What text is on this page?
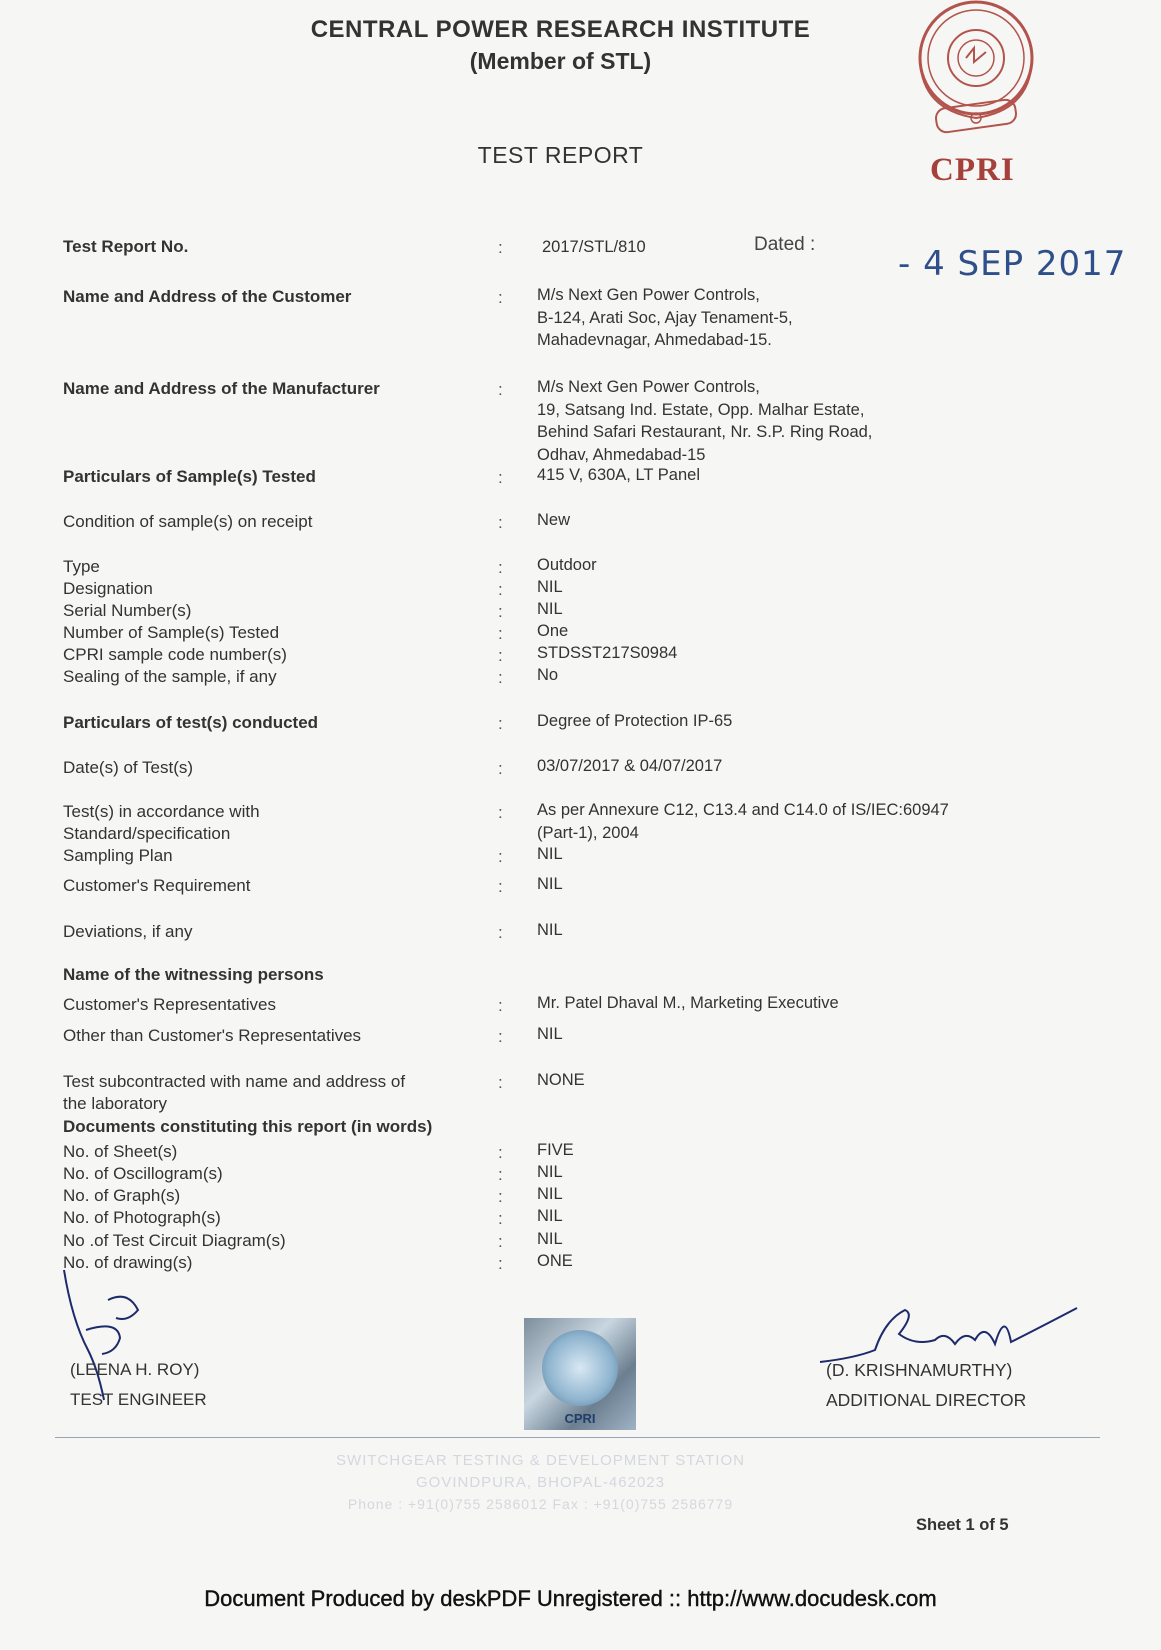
CENTRAL POWER RESEARCH INSTITUTE
(Member of STL)
TEST REPORT	CPRI
Test Report No.	: 2017/STL/810	Dated : - 4 SEP 2017
Name and Address of the Customer	: M/s Next Gen Power Controls,
B-124, Arati Soc, Ajay Tenament-5,
Mahadevnagar, Ahmedabad-15.
Name and Address of the Manufacturer	: M/s Next Gen Power Controls,
19, Satsang Ind. Estate, Opp. Malhar Estate,
Behind Safari Restaurant, Nr. S.P. Ring Road,
Odhav, Ahmedabad-15
Particulars of Sample(s) Tested	: 415 V, 630A, LT Panel
Condition of sample(s) on receipt	: New
Type	: Outdoor
Designation	: NIL
Serial Number(s)	: NIL
Number of Sample(s) Tested	: One
CPRI sample code number(s)	: STDSST217S0984
Sealing of the sample, if any	: No
Particulars of test(s) conducted	: Degree of Protection IP-65
Date(s) of Test(s)	: 03/07/2017 & 04/07/2017
Test(s) in accordance with	: As per Annexure C12, C13.4 and C14.0 of IS/IEC:60947
(Part-1), 2004
Standard/specification
Sampling Plan	: NIL
Customer's Requirement	: NIL
Deviations, if any	: NIL
Name of the witnessing persons
Customer's Representatives	: Mr. Patel Dhaval M., Marketing Executive
Other than Customer's Representatives	: NIL
Test subcontracted with name and address of	: NONE
the laboratory
Documents constituting this report (in words)
No. of Sheet(s)	: FIVE
No. of Oscillogram(s)	: NIL
No. of Graph(s)	: NIL
No. of Photograph(s)	: NIL
No .of Test Circuit Diagram(s)	: NIL
No. of drawing(s)	: ONE
(LEENA H. ROY)
TEST ENGINEER
CPRI
(D. KRISHNAMURTHY)
ADDITIONAL DIRECTOR
SWITCHGEAR TESTING & DEVELOPMENT STATION
GOVINDPURA, BHOPAL-462023
Phone : +91(0)755 2586012 Fax : +91(0)755 2586779
Sheet 1 of 5
Document Produced by deskPDF Unregistered :: http://www.docudesk.com
